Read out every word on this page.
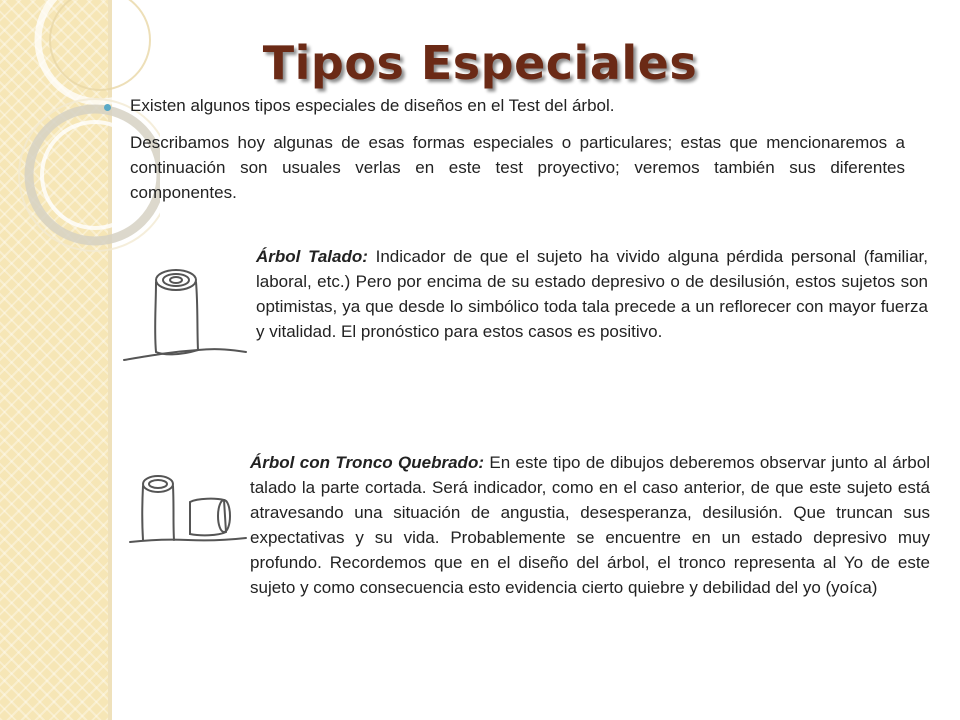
Tipos Especiales
Existen algunos tipos especiales de diseños en el Test del árbol.

Describamos hoy algunas de esas formas especiales o particulares; estas que mencionaremos a continuación son usuales verlas en este test proyectivo; veremos también sus diferentes componentes.

Árbol Talado: Indicador de que el sujeto ha vivido alguna pérdida personal (familiar, laboral, etc.) Pero por encima de su estado depresivo o de desilusión, estos sujetos son optimistas, ya que desde lo simbólico toda tala precede a un reflorecer con mayor fuerza y vitalidad. El pronóstico para estos casos es positivo.

Árbol con Tronco Quebrado: En este tipo de dibujos deberemos observar junto al árbol talado la parte cortada. Será indicador, como en el caso anterior, de que este sujeto está atravesando una situación de angustia, desesperanza, desilusión. Que truncan sus expectativas y su vida. Probablemente se encuentre en un estado depresivo muy profundo. Recordemos que en el diseño del árbol, el tronco representa al Yo de este sujeto y como consecuencia esto evidencia cierto quiebre y debilidad del yo (yoíca)
